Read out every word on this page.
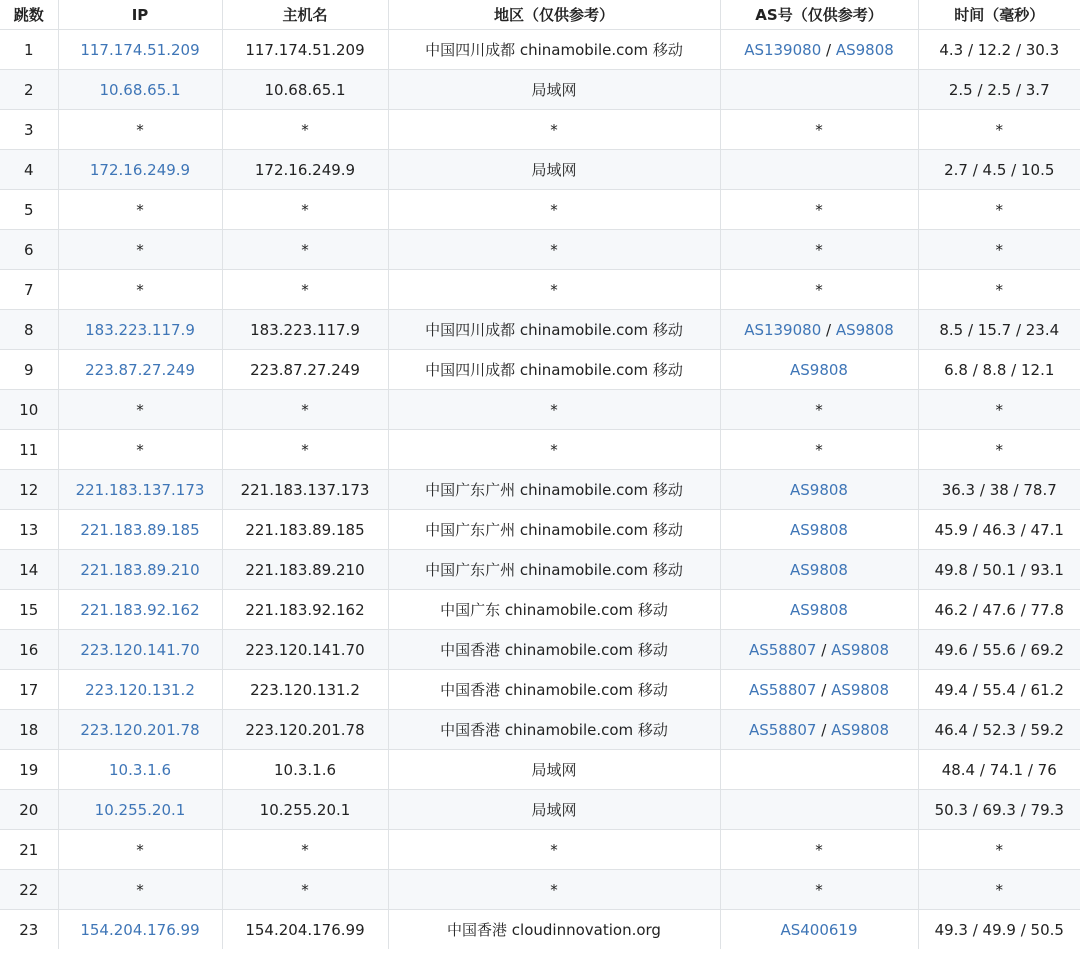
跳数	IP	主机名	地区（仅供参考）	AS号（仅供参考）	时间（毫秒）
1	117.174.51.209	117.174.51.209	中国四川成都 chinamobile.com 移动	AS139080 / AS9808	4.3 / 12.2 / 30.3
2	10.68.65.1	10.68.65.1	局域网		2.5 / 2.5 / 3.7
3	*	*	*	*	*
4	172.16.249.9	172.16.249.9	局域网		2.7 / 4.5 / 10.5
5	*	*	*	*	*
6	*	*	*	*	*
7	*	*	*	*	*
8	183.223.117.9	183.223.117.9	中国四川成都 chinamobile.com 移动	AS139080 / AS9808	8.5 / 15.7 / 23.4
9	223.87.27.249	223.87.27.249	中国四川成都 chinamobile.com 移动	AS9808	6.8 / 8.8 / 12.1
10	*	*	*	*	*
11	*	*	*	*	*
12	221.183.137.173	221.183.137.173	中国广东广州 chinamobile.com 移动	AS9808	36.3 / 38 / 78.7
13	221.183.89.185	221.183.89.185	中国广东广州 chinamobile.com 移动	AS9808	45.9 / 46.3 / 47.1
14	221.183.89.210	221.183.89.210	中国广东广州 chinamobile.com 移动	AS9808	49.8 / 50.1 / 93.1
15	221.183.92.162	221.183.92.162	中国广东 chinamobile.com 移动	AS9808	46.2 / 47.6 / 77.8
16	223.120.141.70	223.120.141.70	中国香港 chinamobile.com 移动	AS58807 / AS9808	49.6 / 55.6 / 69.2
17	223.120.131.2	223.120.131.2	中国香港 chinamobile.com 移动	AS58807 / AS9808	49.4 / 55.4 / 61.2
18	223.120.201.78	223.120.201.78	中国香港 chinamobile.com 移动	AS58807 / AS9808	46.4 / 52.3 / 59.2
19	10.3.1.6	10.3.1.6	局域网		48.4 / 74.1 / 76
20	10.255.20.1	10.255.20.1	局域网		50.3 / 69.3 / 79.3
21	*	*	*	*	*
22	*	*	*	*	*
23	154.204.176.99	154.204.176.99	中国香港 cloudinnovation.org	AS400619	49.3 / 49.9 / 50.5
